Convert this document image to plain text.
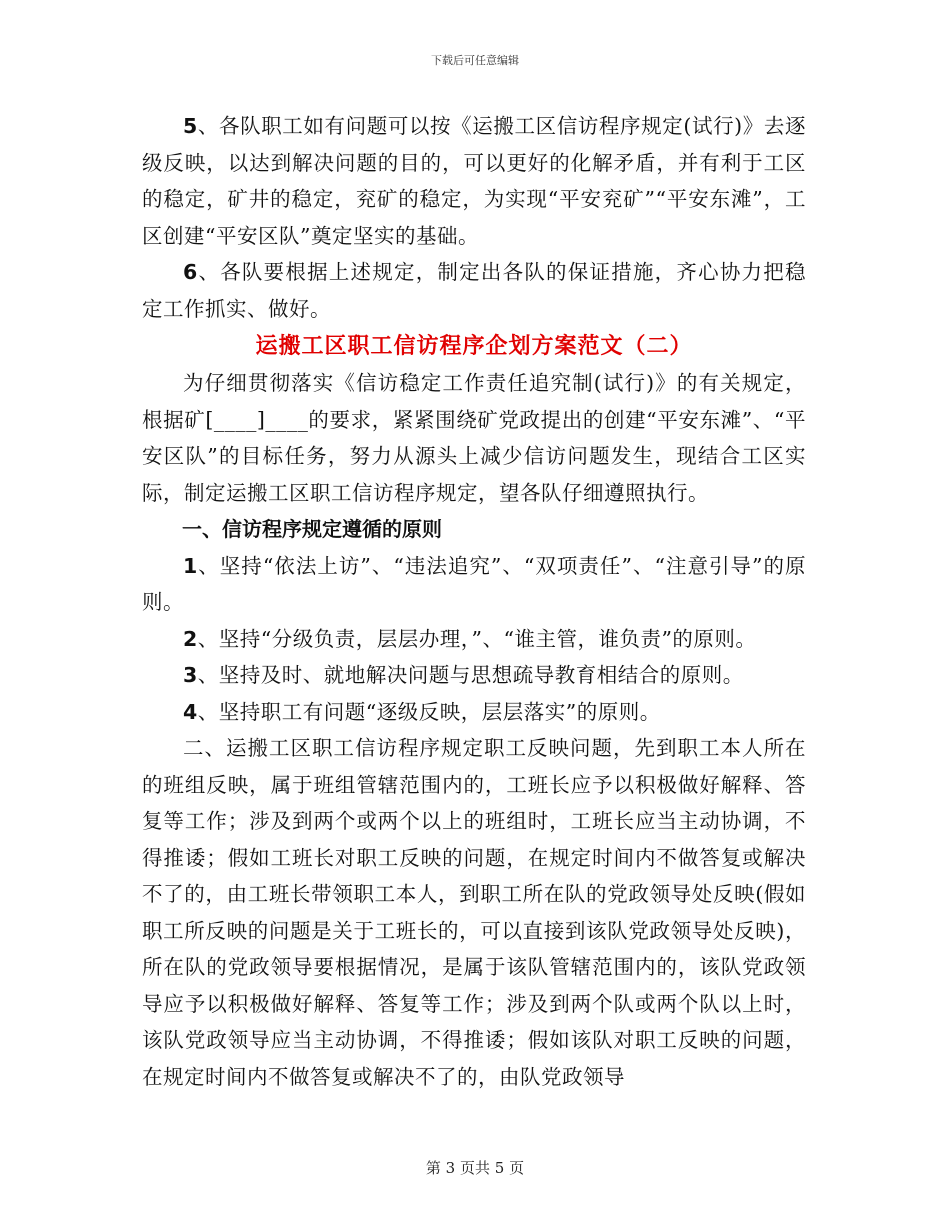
下载后可任意编辑

5、各队职工如有问题可以按《运搬工区信访程序规定(试行)》去逐级反映，以达到解决问题的目的，可以更好的化解矛盾，并有利于工区的稳定，矿井的稳定，兖矿的稳定，为实现“平安兖矿”“平安东滩”，工区创建“平安区队”奠定坚实的基础。

6、各队要根据上述规定，制定出各队的保证措施，齐心协力把稳定工作抓实、做好。

运搬工区职工信访程序企划方案范文（二）

为仔细贯彻落实《信访稳定工作责任追究制(试行)》的有关规定，根据矿[____]____的要求，紧紧围绕矿党政提出的创建“平安东滩”、“平安区队”的目标任务，努力从源头上减少信访问题发生，现结合工区实际，制定运搬工区职工信访程序规定，望各队仔细遵照执行。

一、信访程序规定遵循的原则

1、坚持“依法上访”、“违法追究”、“双项责任”、“注意引导”的原则。

2、坚持“分级负责，层层办理，”、“谁主管，谁负责”的原则。

3、坚持及时、就地解决问题与思想疏导教育相结合的原则。

4、坚持职工有问题“逐级反映，层层落实”的原则。

二、运搬工区职工信访程序规定职工反映问题，先到职工本人所在的班组反映，属于班组管辖范围内的，工班长应予以积极做好解释、答复等工作；涉及到两个或两个以上的班组时，工班长应当主动协调，不得推诿；假如工班长对职工反映的问题，在规定时间内不做答复或解决不了的，由工班长带领职工本人，到职工所在队的党政领导处反映(假如职工所反映的问题是关于工班长的，可以直接到该队党政领导处反映)，所在队的党政领导要根据情况，是属于该队管辖范围内的，该队党政领导应予以积极做好解释、答复等工作；涉及到两个队或两个队以上时，该队党政领导应当主动协调，不得推诿；假如该队对职工反映的问题，在规定时间内不做答复或解决不了的，由队党政领导

第 3 页共 5 页
